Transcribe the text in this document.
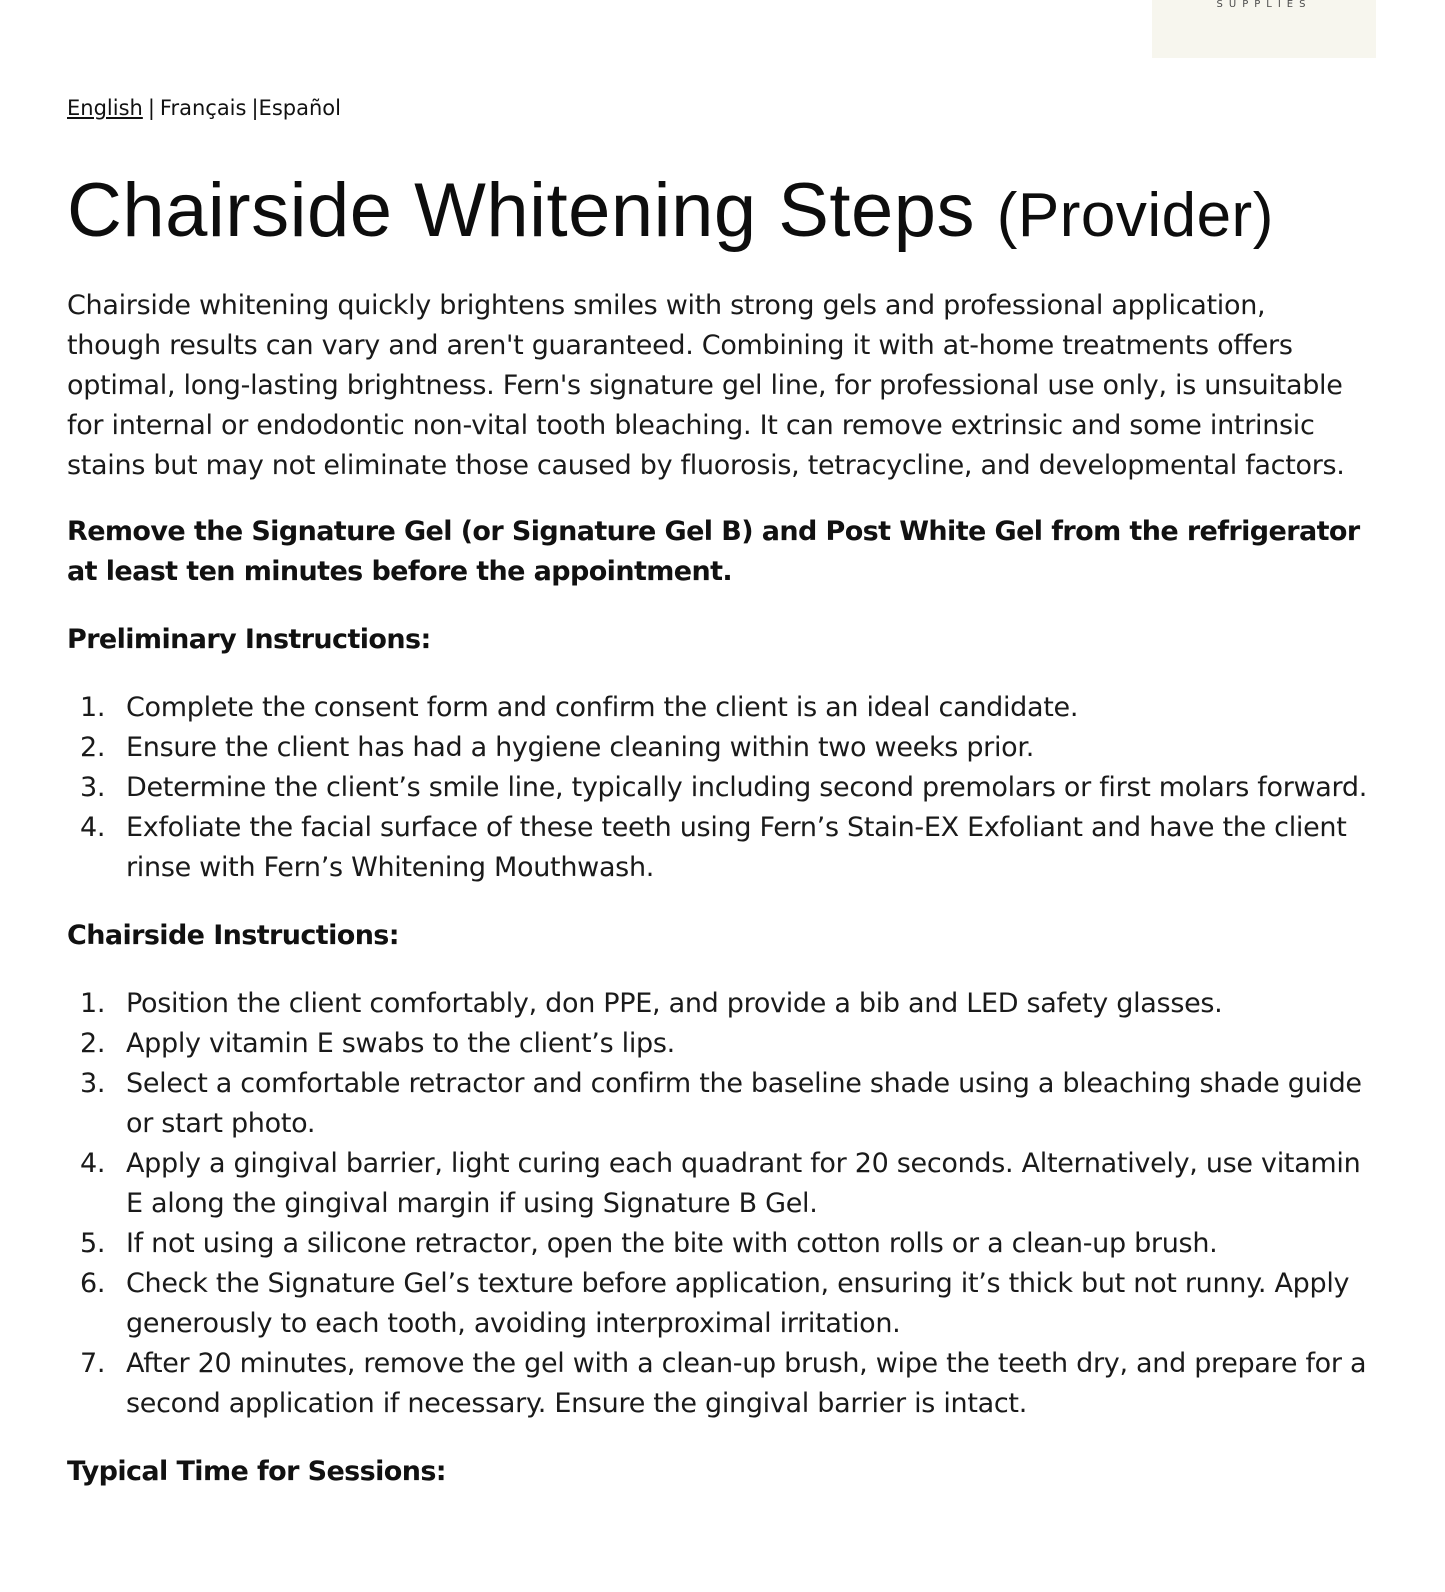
SUPPLIES
English | Français |Español
Chairside Whitening Steps (Provider)

Chairside whitening quickly brightens smiles with strong gels and professional application, though results can vary and aren't guaranteed. Combining it with at-home treatments offers optimal, long-lasting brightness. Fern's signature gel line, for professional use only, is unsuitable for internal or endodontic non-vital tooth bleaching. It can remove extrinsic and some intrinsic stains but may not eliminate those caused by fluorosis, tetracycline, and developmental factors.

Remove the Signature Gel (or Signature Gel B) and Post White Gel from the refrigerator at least ten minutes before the appointment.

Preliminary Instructions:

1. Complete the consent form and confirm the client is an ideal candidate.
2. Ensure the client has had a hygiene cleaning within two weeks prior.
3. Determine the client’s smile line, typically including second premolars or first molars forward.
4. Exfoliate the facial surface of these teeth using Fern’s Stain-EX Exfoliant and have the client rinse with Fern’s Whitening Mouthwash.

Chairside Instructions:

1. Position the client comfortably, don PPE, and provide a bib and LED safety glasses.
2. Apply vitamin E swabs to the client’s lips.
3. Select a comfortable retractor and confirm the baseline shade using a bleaching shade guide or start photo.
4. Apply a gingival barrier, light curing each quadrant for 20 seconds. Alternatively, use vitamin E along the gingival margin if using Signature B Gel.
5. If not using a silicone retractor, open the bite with cotton rolls or a clean-up brush.
6. Check the Signature Gel’s texture before application, ensuring it’s thick but not runny. Apply generously to each tooth, avoiding interproximal irritation.
7. After 20 minutes, remove the gel with a clean-up brush, wipe the teeth dry, and prepare for a second application if necessary. Ensure the gingival barrier is intact.

Typical Time for Sessions:
